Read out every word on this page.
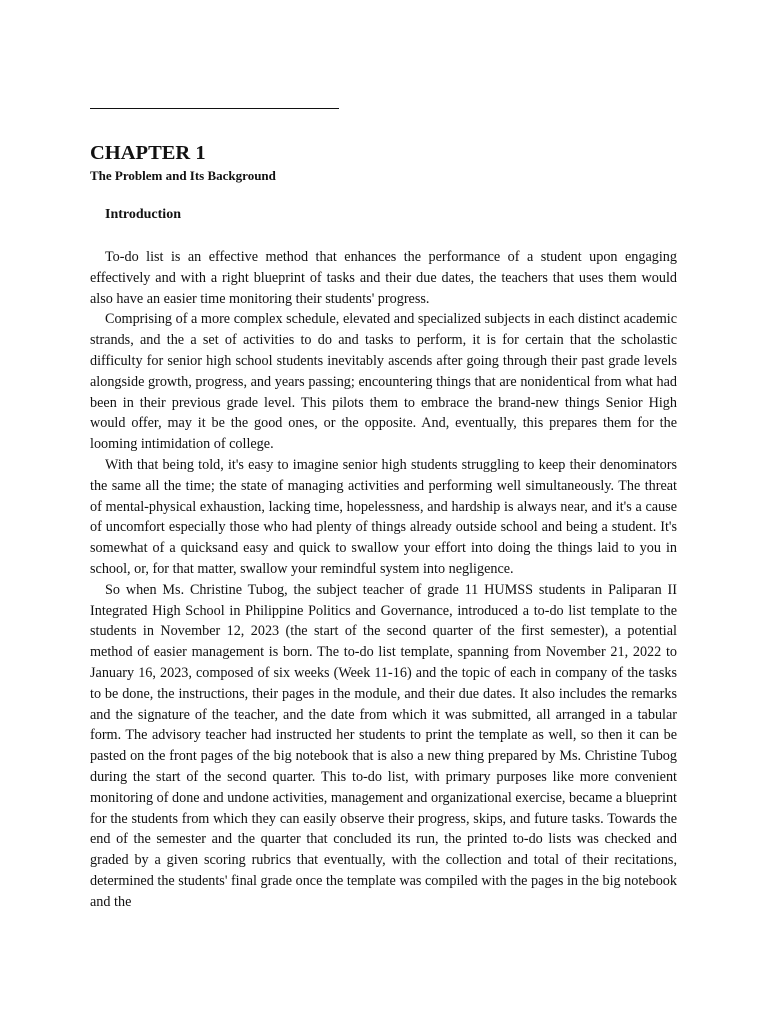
CHAPTER 1
The Problem and Its Background
Introduction

To-do list is an effective method that enhances the performance of a student upon engaging effectively and with a right blueprint of tasks and their due dates, the teachers that uses them would also have an easier time monitoring their students' progress.

Comprising of a more complex schedule, elevated and specialized subjects in each distinct academic strands, and the a set of activities to do and tasks to perform, it is for certain that the scholastic difficulty for senior high school students inevitably ascends after going through their past grade levels alongside growth, progress, and years passing; encountering things that are nonidentical from what had been in their previous grade level. This pilots them to embrace the brand-new things Senior High would offer, may it be the good ones, or the opposite. And, eventually, this prepares them for the looming intimidation of college.

With that being told, it's easy to imagine senior high students struggling to keep their denominators the same all the time; the state of managing activities and performing well simultaneously. The threat of mental-physical exhaustion, lacking time, hopelessness, and hardship is always near, and it's a cause of uncomfort especially those who had plenty of things already outside school and being a student. It's somewhat of a quicksand easy and quick to swallow your effort into doing the things laid to you in school, or, for that matter, swallow your remindful system into negligence.

So when Ms. Christine Tubog, the subject teacher of grade 11 HUMSS students in Paliparan II Integrated High School in Philippine Politics and Governance, introduced a to-do list template to the students in November 12, 2023 (the start of the second quarter of the first semester), a potential method of easier management is born. The to-do list template, spanning from November 21, 2022 to January 16, 2023, composed of six weeks (Week 11-16) and the topic of each in company of the tasks to be done, the instructions, their pages in the module, and their due dates. It also includes the remarks and the signature of the teacher, and the date from which it was submitted, all arranged in a tabular form. The advisory teacher had instructed her students to print the template as well, so then it can be pasted on the front pages of the big notebook that is also a new thing prepared by Ms. Christine Tubog during the start of the second quarter. This to-do list, with primary purposes like more convenient monitoring of done and undone activities, management and organizational exercise, became a blueprint for the students from which they can easily observe their progress, skips, and future tasks. Towards the end of the semester and the quarter that concluded its run, the printed to-do lists was checked and graded by a given scoring rubrics that eventually, with the collection and total of their recitations, determined the students' final grade once the template was compiled with the pages in the big notebook and the
